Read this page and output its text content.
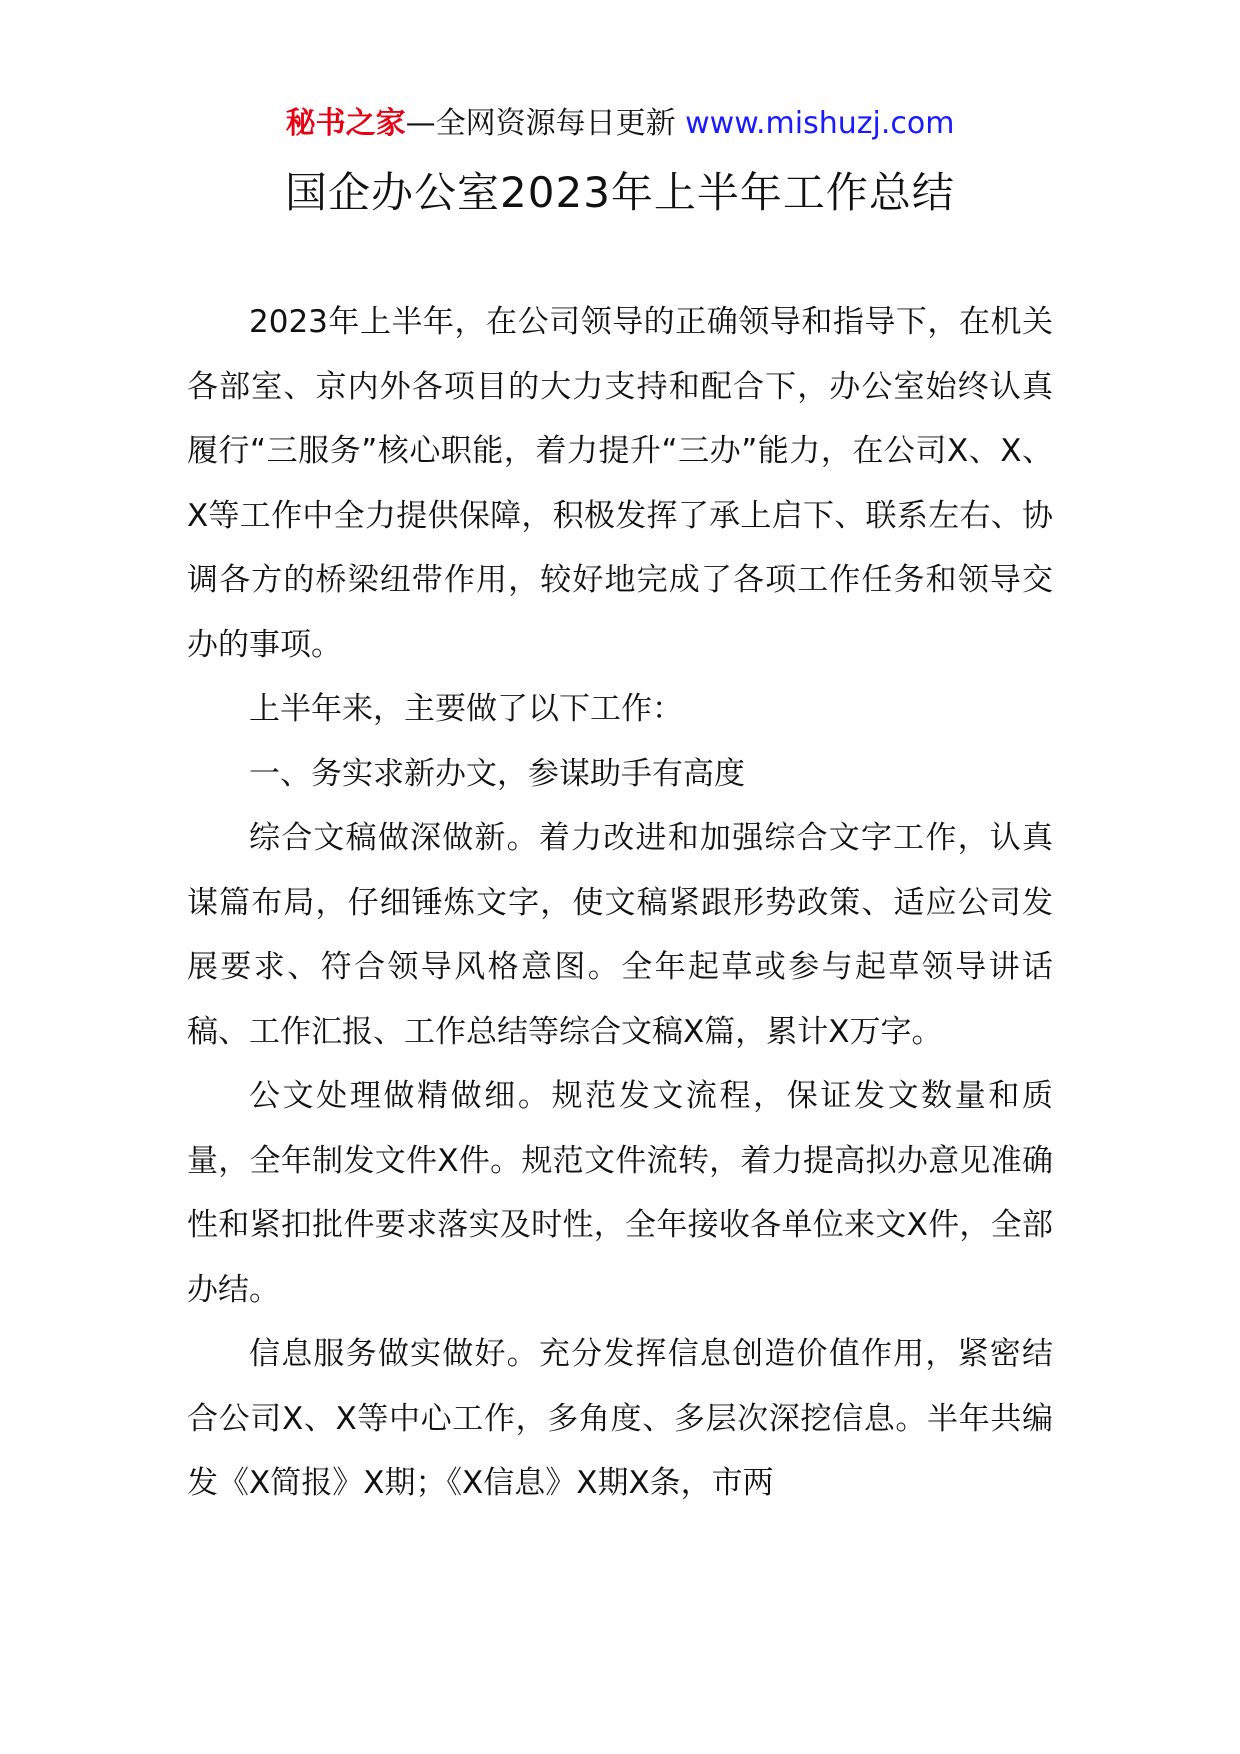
秘书之家—全网资源每日更新 www.mishuzj.com
国企办公室2023年上半年工作总结

2023年上半年，在公司领导的正确领导和指导下，在机关各部室、京内外各项目的大力支持和配合下，办公室始终认真履行“三服务”核心职能，着力提升“三办”能力，在公司X、X、X等工作中全力提供保障，积极发挥了承上启下、联系左右、协调各方的桥梁纽带作用，较好地完成了各项工作任务和领导交办的事项。

上半年来，主要做了以下工作：

一、务实求新办文，参谋助手有高度

综合文稿做深做新。着力改进和加强综合文字工作，认真谋篇布局，仔细锤炼文字，使文稿紧跟形势政策、适应公司发展要求、符合领导风格意图。全年起草或参与起草领导讲话稿、工作汇报、工作总结等综合文稿X篇，累计X万字。

公文处理做精做细。规范发文流程，保证发文数量和质量，全年制发文件X件。规范文件流转，着力提高拟办意见准确性和紧扣批件要求落实及时性，全年接收各单位来文X件，全部办结。

信息服务做实做好。充分发挥信息创造价值作用，紧密结合公司X、X等中心工作，多角度、多层次深挖信息。半年共编发《X简报》X期；《X信息》X期X条，市两
